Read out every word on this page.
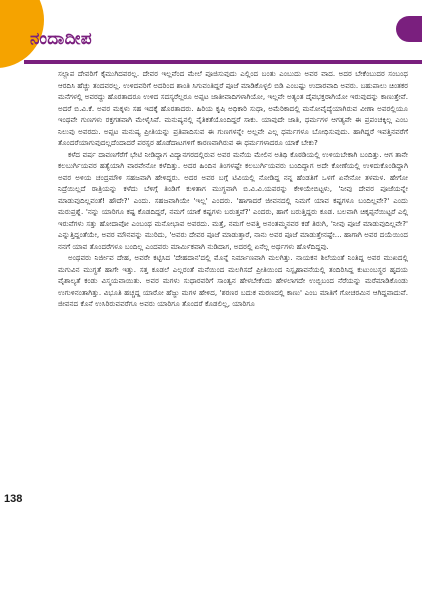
ನಂದಾದೀಪ

ಸಲ್ಲಾಪ ದೇವರಿಗೆ ಕೈಮುಗಿದವರಲ್ಲ. ದೇವರ ಇಲ್ಲವೆಂದ ಮೇಲೆ ಪೂಜಿಸುವುದು ಎಲ್ಲಿಂದ ಬಂತು ಎಂಬುದು ಅವರ ವಾದ. ಅದರ ಬೇಕೆಂಬುದರ ಸಂಬಂಧ ಆರದಿಸಿ ಹೆಚ್ಚು ತಂದವರಲ್ಲ. ಉಳಿದವರಿಗೆ ಅದರಿಂದ ಶಾಂತಿ ಸಿಗುವಂತಿದ್ದರೆ ಪೂಜೆ ಮಾಡಿಕೊಳ್ಳಲಿ ಬಿಡಿ ಎಂಬಷ್ಟು ಉದಾರವಾದಿ ಅವರು. ಬಹುಪಾಲು ಚಿಂತಕರ ಮನೆಗಳಲ್ಲಿ ಅವರದ್ದು ಹೊರತಾದರೂ ಉಳಿದ ಸದಸ್ಯರೆಲ್ಲರೂ ಅಪ್ಪಟ ಜಾತೀವಾದಿಗಳಾಗಿಯೋ, ಇಲ್ಲವೇ ಅತ್ಯಂತ ದೈವಭಕ್ತರಾಗಿಯೋ ಇರುವುದನ್ನು ಕಾಣುತ್ತೇವೆ. ಅದರೆ ಬಿ.ವಿ.ಕೆ. ಅವರ ಮಕ್ಕಳು ಸಹ ಇದಕ್ಕೆ ಹೊರತಾದರು. ಹಿರಿಯ ಕೃಷಿ ಅಧಿಕಾರಿ ಸುಧಾ, ಅಮೆರಿಕಾದಲ್ಲಿ ಮನೋವೈದ್ಯೆಯಾಗಿರುವ ವೀಣಾ ಅವರಲ್ಲಿಯೂ ಇಂಥವೇ ಗುಣಗಳು ರಕ್ತಗತವಾಗಿ ಮೇಳೈಸಿವೆ. ಮನುಷ್ಯನಲ್ಲಿ ನೈತಿಕತೆಯೊಂದಿದ್ದರೆ ಸಾಕು. ಯಾವುದೇ ಜಾತಿ, ಧರ್ಮಗಳ ಆಗತ್ಯವೇ ಈ ಪ್ರಪಂಚಕ್ಕಿಲ್ಲ ಎಂಬ ನಿಲುವು ಅವರದು. ಅಪ್ಪಟ ಮನುಷ್ಯ ಪ್ರೀತಿಯನ್ನು ಪ್ರತಿಪಾದಿಸುವ ಈ ಗುಣಗಳನ್ನೇ ಅಲ್ಲವೇ ಎಲ್ಲ ಧರ್ಮಗಳೂ ಬೋಧಿಸುವುದು. ಹಾಗಿದ್ದರೆ ಇವತ್ತಿನವರೆಗೆ ತೊಂದರೆಯಾಗುವುದಲ್ಲದೆಂದಾದರೆ ಪರಸ್ಪರ ಹೊಡೆದಾಟಗಳಿಗೆ ಕಾರಣವಾಗಿರುವ ಈ ಧರ್ಮಗಳಾದರೂ ಯಾಕೆ ಬೇಕು?

ಕಳೆದ ವರ್ಷ ದಾವಣಗೆರೆಗೆ ಭೇಟಿ ನೀಡಿದ್ದಾಗ ವಿದ್ಯಾನಗರದಲ್ಲಿರುವ ಅವರ ಮನೆಯ ಮೇಲಿನ ಅತಿಥಿ ಕೊಠಡಿಯಲ್ಲಿ ಉಳಿಯಬೇಕಾಗಿ ಬಂದಿತ್ತು. ಆಗ ತಾನೇ ಕಲಬುರ್ಗಿಯವರ ಹತ್ಯೆಯಾಗಿ ವಾರವೇನೋ ಕಳೆದಿತ್ತು. ಅದರ ಹಿಂದಿನ ತಿಂಗಳಷ್ಟೇ ಕಲಬುರ್ಗಿಯವರು ಬಂದಿದ್ದಾಗ ಅದೇ ಕೋಣೆಯಲ್ಲಿ ಉಳಿದುಕೊಂಡಿದ್ದಾಗಿ ಅವರ ಅಳಿಯ ಚಂದ್ರಮೌಳಿ ಸಹಜವಾಗಿ ಹೇಳಿದ್ದರು. ಅದರ ಅವರ ಬಗ್ಗೆ ಟಿವಿಯಲ್ಲಿ ನೋಡಿದ್ದ ನನ್ನ ಹೆಂಡತಿಗೆ ಒಳಗೆ ಏನೇನೋ ತಳಮಳ. ಹೇಗೋ ನಿದ್ರೆಯಿಲ್ಲದೆ ರಾತ್ರಿಯನ್ನು ಕಳೆದು ಬೆಳಿಗ್ಗೆ ತಿಂಡಿಗೆ ಕುಳಿತಾಗ ಮುಗ್ಧವಾಗಿ ಬಿ.ವಿ.ವಿ.ಯವರನ್ನು ಕೇಳಿಯೇಬಿಟ್ಟಳು, 'ನೀವು ದೇವರ ಪೂಜೆಯನ್ನೇ ಮಾಡುವುದಿಲ್ಲವಂತೆ! ಹೌದೇ?' ಎಂದು. ಸಹಜವಾಗಿಯೇ 'ಇಲ್ಲ' ಎಂದರು. 'ಹಾಗಾದರೆ ಜೀವನದಲ್ಲಿ ನಿಮಗೆ ಯಾವ ಕಷ್ಟಗಳೂ ಬಂದಿಲ್ಲವೇ?' ಎಂದು ಮರುಪ್ರಶ್ನೆ. 'ನನ್ನು ಯಾರಿಗೂ ಕಷ್ಟ ಕೊಡದಿದ್ದರೆ, ನಮಗೆ ಯಾಕೆ ಕಷ್ಟಗಳು ಬರುತ್ತವೆ?' ಎಂದರು, ಹಾಗೆ ಬರುತ್ತಿದ್ದರು ಕೂಡ. ಬಲವಾಗಿ ಚಿಕ್ಕಪ್ಪನೆಯಿಟ್ಟರೆ ಎಲ್ಲಿ ಇರುವೆಗಳು ಸತ್ತು ಹೋದಾವೋ ಎಂಬಂಥ ಮನೋಭಾವ ಅವರದು. ಮತ್ತೆ, ನಮಗೆ ಅವತ್ತಿ ಅನಂತಮ್ಮನವರ ಕಡೆ ತಿರುಗಿ, 'ನೀವು ಪೂಜೆ ಮಾಡುವುದಿಲ್ಲವೇ?' ಎನ್ನುತ್ತಿದ್ದಂತೆಯೇ, ಅವರ ಮೌನವನ್ನು ಮುರಿದು, 'ಅವರು ದೇವರ ಪೂಜೆ ಮಾಡುತ್ತಾರೆ, ನಾನು ಅವರ ಪೂಜೆ ಮಾಡುತ್ತೇನಷ್ಟೇ... ಹಾಗಾಗಿ ಅವರ ದಯೆಯಿಂದ ನನಗೆ ಯಾವ ತೊಂದರೆಗಳೂ ಬಂದಿಲ್ಲ ಎಂದವರು ಮಾರ್ಮಿಕವಾಗಿ ನುಡಿದಾಗ, ಅದರಲ್ಲಿ ಏನೆಲ್ಲ ಅರ್ಥಗಳು ಹೊಳೆದಿದ್ದವು.

ಅಂಥವರು ನಿರ್ಜೀವ ದೇಹ, ಅವರೇ ಕಟ್ಟಿಸಿದ 'ದೇಹದಾನ'ದಲ್ಲಿ ಮೊನ್ನೆ ನಿರ್ಮಾಣವಾಗಿ ಮಲಗಿತ್ತು. ನಾಯಕನ ಶಿಲೆಯಂತೆ ನಿಂತಿದ್ದ ಅವರ ಮುಖದಲ್ಲಿ ಮಗುವಿನ ಮುಗ್ಧತೆ ಹಾಗೇ ಇತ್ತು. ಸತ್ತ ಕೂಡಲೆ ಎಲ್ಲರಂತೆ ಮನೆಯಿಂದ ಮಲಗಿಸದೆ ಪ್ರೀತಿಯಿಂದ ನಿಸ್ಪೃಹಾವನೆಯಲ್ಲಿ ತಂದಿರಿಸಿದ್ದ ಕುಟುಂಬಸ್ಥರ ಹೃದಯ ವೈಶಾಲ್ಯತೆ ಕಂಡು ವಿಸ್ಮಯವಾಯಿತು. ಅವರ ಮಗಳು ಸುಧಾರವರಿಗೆ ಸಾಂತ್ವನ ಹೇಳಬೇಕೆಂದು ಹೇಳಲಾಗದೇ ಉಬ್ಬಿಬಂದ ನೆರೆಯನ್ನು ಮರೆಮಾಡಿಕೊಂಡು ಉಗುಳಿನಂತಾಗಿತ್ತು. ವಿಭೂತಿ ಹಚ್ಚದ್ದ ಯಾರೋ ಹೆಜ್ಜು ಮಗಳ ಹೇಳಿದ, 'ಶರಣರ ಬದುಕ ಮರಣದಲ್ಲಿ ಕಾಣು' ಎಂಬ ಮಾತಿಗೆ ಗೋಚರಮಿನ ಆಗಿದ್ದವಾದುವೆ. ಜೀವನದ ಕೊನೆ ಉಸಿರಿರುವವರೆಗೂ ಅವರು ಯಾರಿಗೂ ತೊಂದರೆ ಕೊಡಲಿಲ್ಲ, ಯಾರಿಗೂ

138
